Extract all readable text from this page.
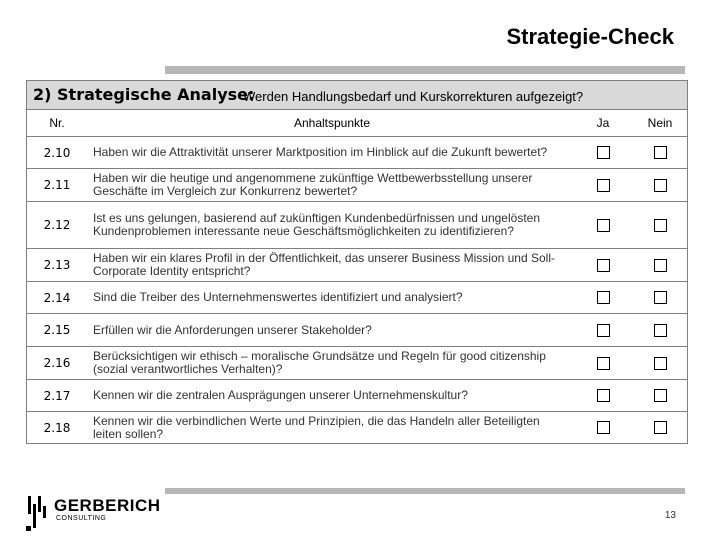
Strategie-Check
2) Strategische Analyse:
Werden Handlungsbedarf und Kurskorrekturen aufgezeigt?
Nr.	Anhaltspunkte	Ja	Nein
2.10	Haben wir die Attraktivität unserer Marktposition im Hinblick auf die Zukunft bewertet?
2.11	Haben wir die heutige und angenommene zukünftige Wettbewerbsstellung unserer Geschäfte im Vergleich zur Konkurrenz bewertet?
2.12	Ist es uns gelungen, basierend auf zukünftigen Kundenbedürfnissen und ungelösten Kundenproblemen interessante neue Geschäftsmöglichkeiten zu identifizieren?
2.13	Haben wir ein klares Profil in der Öffentlichkeit, das unserer Business Mission und Soll-Corporate Identity entspricht?
2.14	Sind die Treiber des Unternehmenswertes identifiziert und analysiert?
2.15	Erfüllen wir die Anforderungen unserer Stakeholder?
2.16	Berücksichtigen wir ethisch – moralische Grundsätze und Regeln für good citizenship (sozial verantwortliches Verhalten)?
2.17	Kennen wir die zentralen Ausprägungen unserer Unternehmenskultur?
2.18	Kennen wir die verbindlichen Werte und Prinzipien, die das Handeln aller Beteiligten leiten sollen?
GERBERICH
CONSULTING	13
